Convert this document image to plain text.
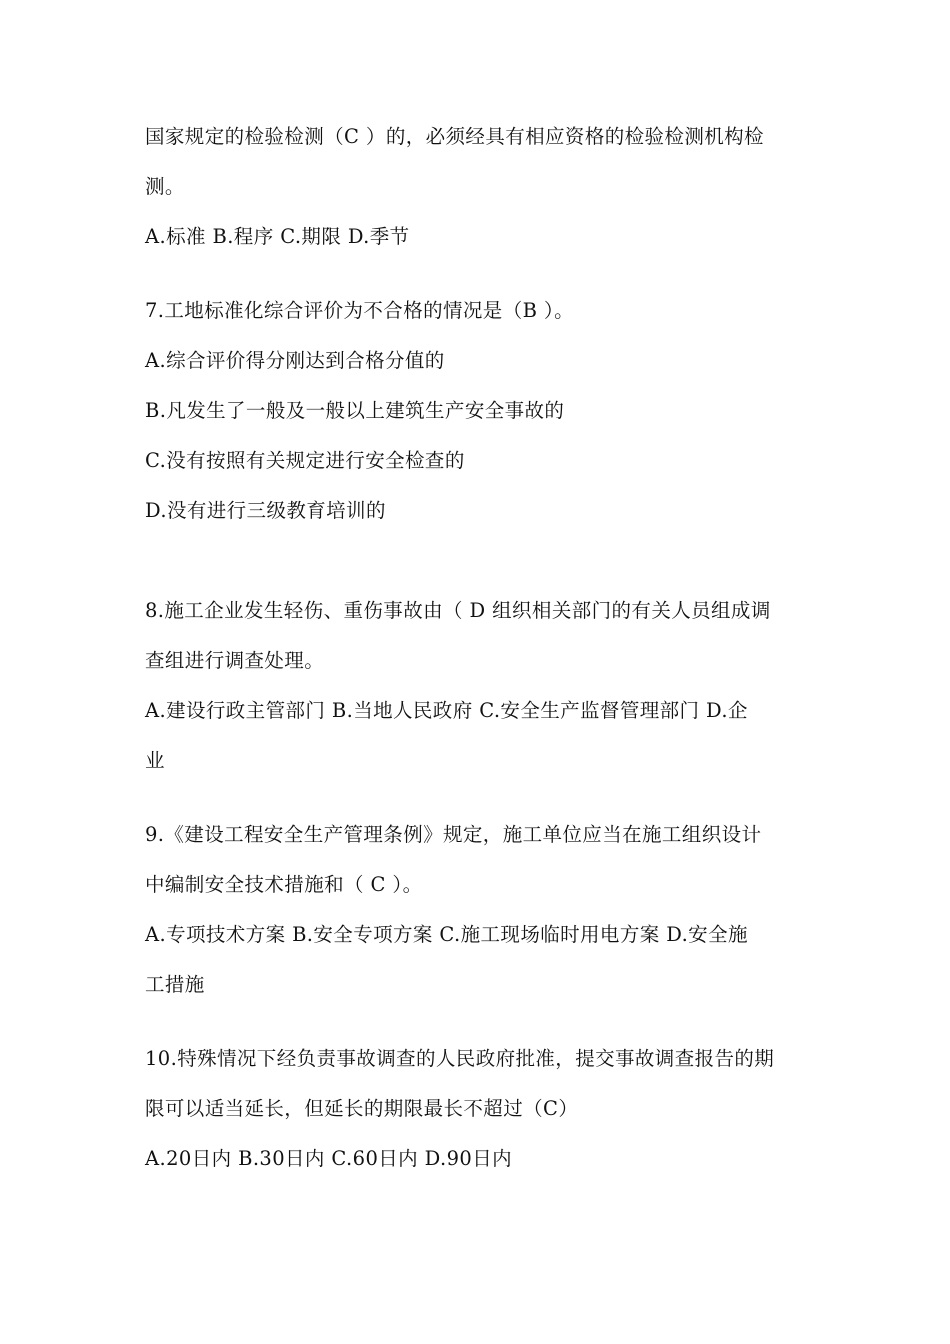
国家规定的检验检测（C ）的，必须经具有相应资格的检验检测机构检
测。
A.标准 B.程序 C.期限 D.季节
7.工地标准化综合评价为不合格的情况是（B ）。
A.综合评价得分刚达到合格分值的
B.凡发生了一般及一般以上建筑生产安全事故的
C.没有按照有关规定进行安全检查的
D.没有进行三级教育培训的
8.施工企业发生轻伤、重伤事故由（ D 组织相关部门的有关人员组成调
查组进行调查处理。
A.建设行政主管部门 B.当地人民政府 C.安全生产监督管理部门 D.企
业
9.《建设工程安全生产管理条例》规定，施工单位应当在施工组织设计
中编制安全技术措施和（ C ）。
A.专项技术方案 B.安全专项方案 C.施工现场临时用电方案 D.安全施
工措施
10.特殊情况下经负责事故调查的人民政府批准，提交事故调查报告的期
限可以适当延长，但延长的期限最长不超过（C）
A.20日内 B.30日内 C.60日内 D.90日内
